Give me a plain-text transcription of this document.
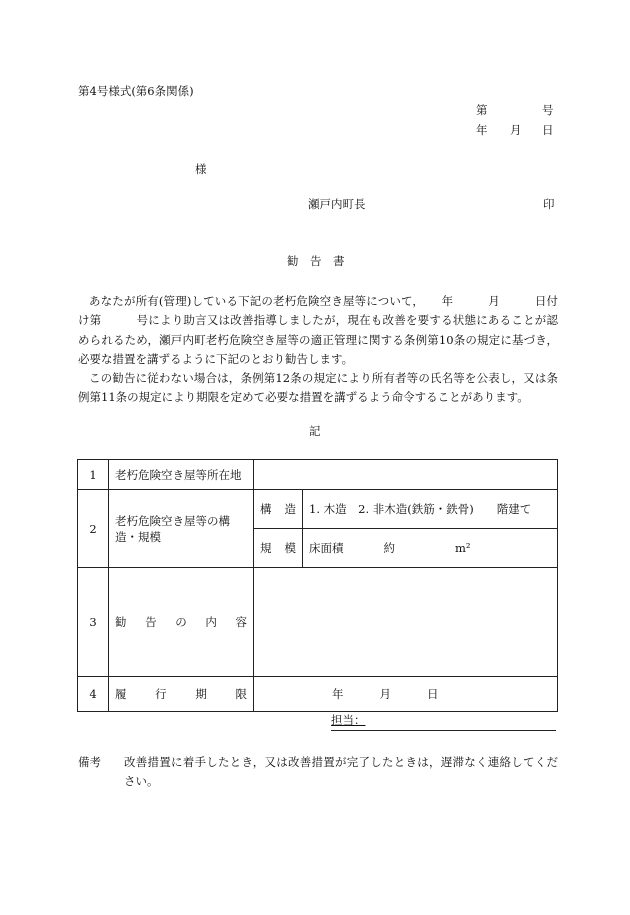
第4号様式(第6条関係)
第	号
年 月 日
様
瀬戸内町長	印
勧 告 書

あなたが所有(管理)している下記の老朽危険空き屋等について，　　年　　　月　　　日付け第　　　号により助言又は改善指導しましたが，現在も改善を要する状態にあることが認められるため，瀬戸内町老朽危険空き屋等の適正管理に関する条例第10条の規定に基づき，必要な措置を講ずるように下記のとおり勧告します。

この勧告に従わない場合は，条例第12条の規定により所有者等の氏名等を公表し，又は条例第11条の規定により期限を定めて必要な措置を講ずるよう命令することがあります。

記
1	老朽危険空き屋等所在地		
2	老朽危険空き屋等の構造・規模	構 造	1. 木造　2. 非木造(鉄筋・鉄骨)　　階建て

		規 模	床面積 約 m²
3	勧 告 の 内 容		

4	履 行 期 限	年 月 日	
担当：
備考 改善措置に着手したとき，又は改善措置が完了したときは，遅滞なく連絡してください。
